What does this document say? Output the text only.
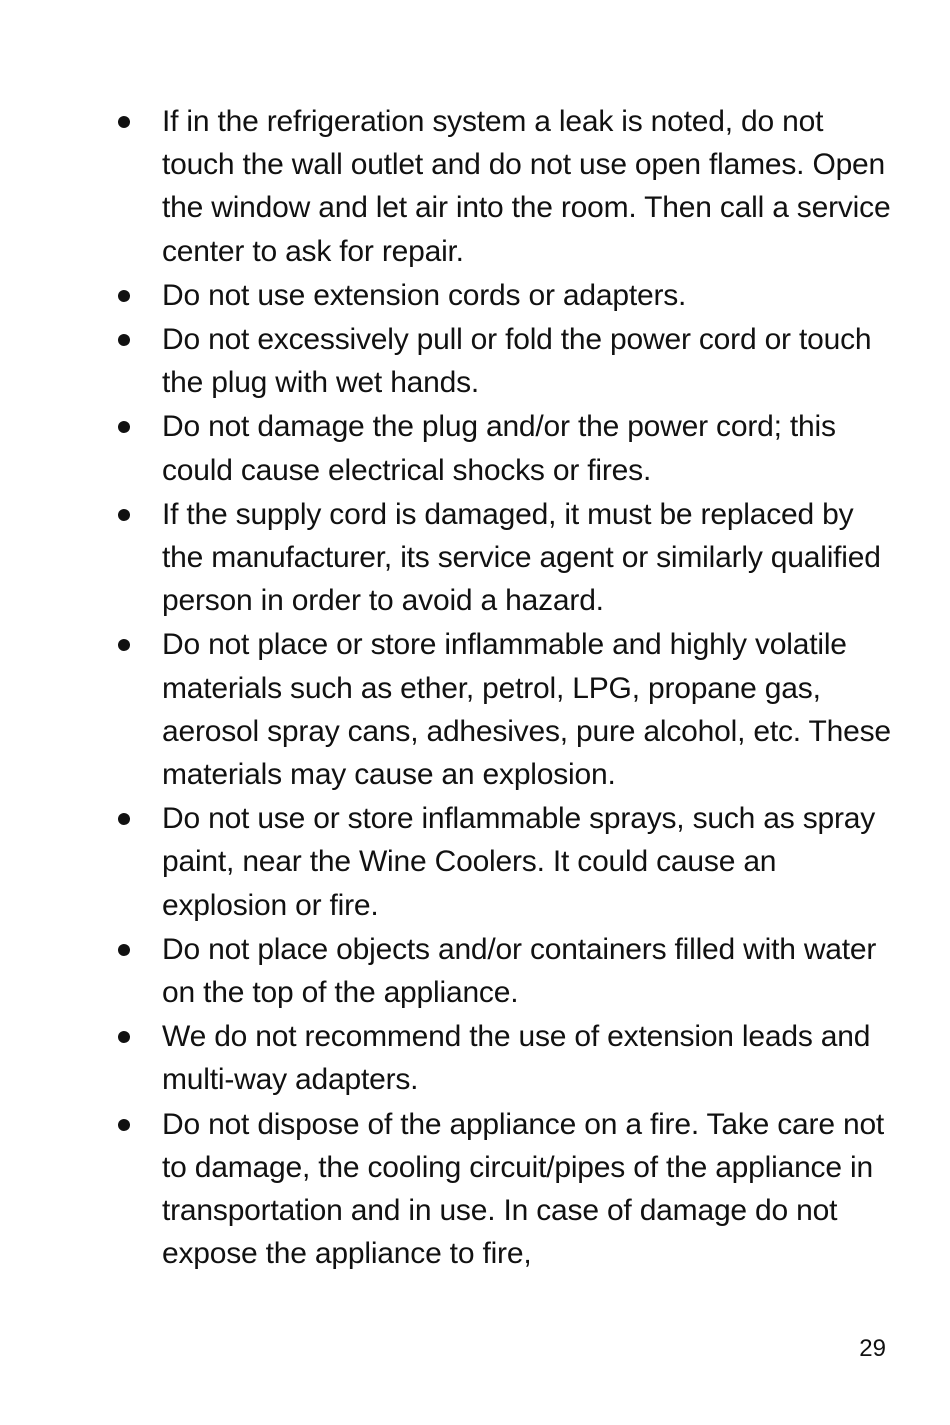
If in the refrigeration system a leak is noted, do not touch the wall outlet and do not use open flames. Open the window and let air into the room. Then call a service center to ask for repair.
Do not use extension cords or adapters.
Do not excessively pull or fold the power cord or touch the plug with wet hands.
Do not damage the plug and/or the power cord; this could cause electrical shocks or fires.
If the supply cord is damaged, it must be replaced by the manufacturer, its service agent or similarly qualified person in order to avoid a hazard.
Do not place or store inflammable and highly volatile materials such as ether, petrol, LPG, propane gas, aerosol spray cans, adhesives, pure alcohol, etc. These materials may cause an explosion.
Do not use or store inflammable sprays, such as spray paint, near the Wine Coolers. It could cause an explosion or fire.
Do not place objects and/or containers filled with water on the top of the appliance.
We do not recommend the use of extension leads and multi-way adapters.
Do not dispose of the appliance on a fire. Take care not to damage, the cooling circuit/pipes of the appliance in transportation and in use. In case of damage do not expose the appliance to fire,
29
